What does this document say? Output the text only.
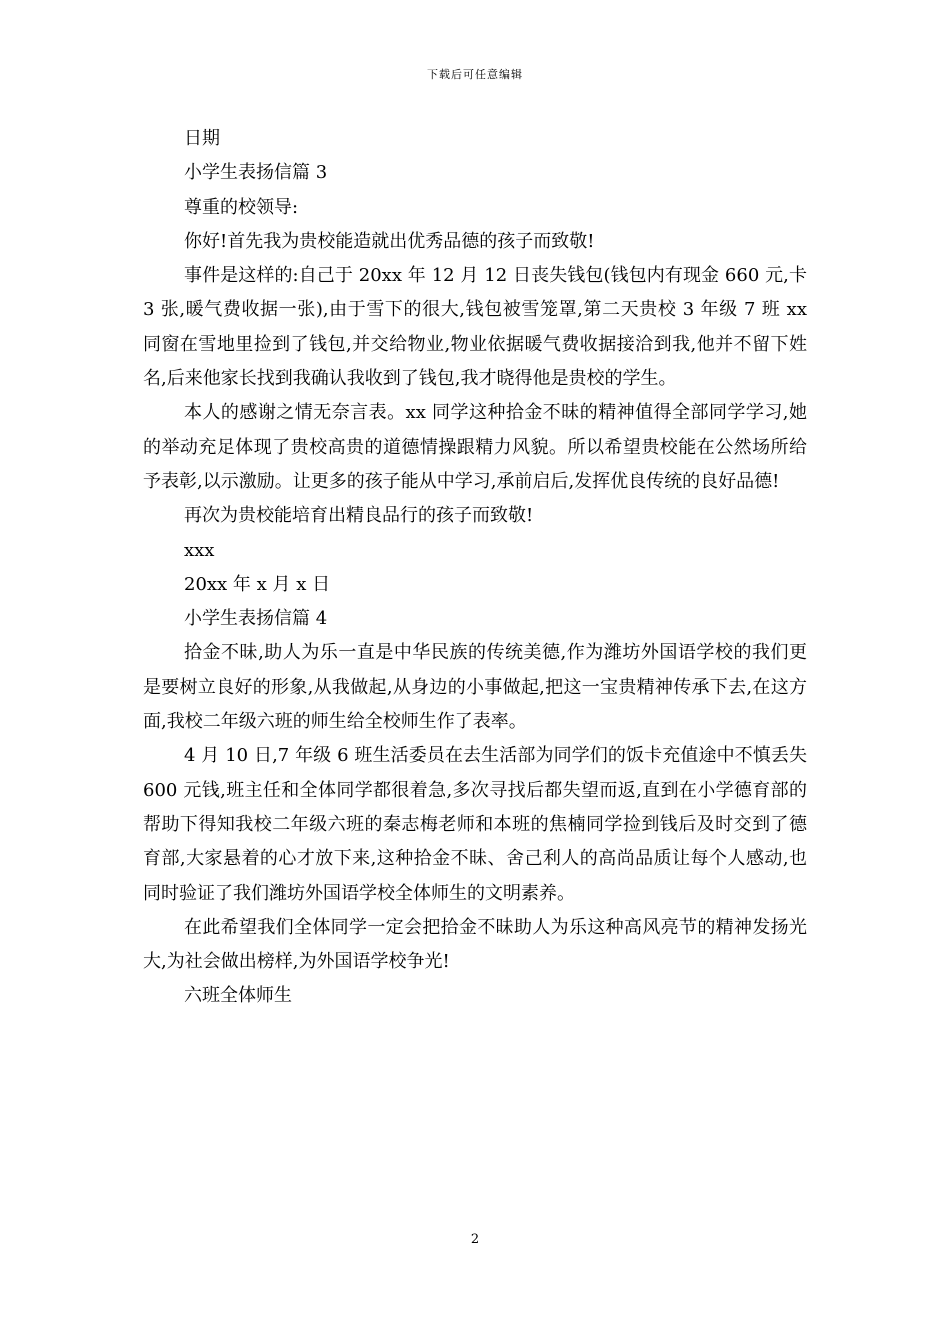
下载后可任意编辑

日期

小学生表扬信篇 3

尊重的校领导:

你好!首先我为贵校能造就出优秀品德的孩子而致敬!

事件是这样的:自己于 20xx 年 12 月 12 日丧失钱包(钱包内有现金 660 元,卡 3 张,暖气费收据一张),由于雪下的很大,钱包被雪笼罩,第二天贵校 3 年级 7 班 xx 同窗在雪地里捡到了钱包,并交给物业,物业依据暖气费收据接洽到我,他并不留下姓名,后来他家长找到我确认我收到了钱包,我才晓得他是贵校的学生。

本人的感谢之情无奈言表。xx 同学这种拾金不昧的精神值得全部同学学习,她的举动充足体现了贵校高贵的道德情操跟精力风貌。所以希望贵校能在公然场所给予表彰,以示激励。让更多的孩子能从中学习,承前启后,发挥优良传统的良好品德!

再次为贵校能培育出精良品行的孩子而致敬!

xxx

20xx 年 x 月 x 日

小学生表扬信篇 4

拾金不昧,助人为乐一直是中华民族的传统美德,作为潍坊外国语学校的我们更是要树立良好的形象,从我做起,从身边的小事做起,把这一宝贵精神传承下去,在这方面,我校二年级六班的师生给全校师生作了表率。

4 月 10 日,7 年级 6 班生活委员在去生活部为同学们的饭卡充值途中不慎丢失 600 元钱,班主任和全体同学都很着急,多次寻找后都失望而返,直到在小学德育部的帮助下得知我校二年级六班的秦志梅老师和本班的焦楠同学捡到钱后及时交到了德育部,大家悬着的心才放下来,这种拾金不昧、舍己利人的高尚品质让每个人感动,也同时验证了我们潍坊外国语学校全体师生的文明素养。

在此希望我们全体同学一定会把拾金不昧助人为乐这种高风亮节的精神发扬光大,为社会做出榜样,为外国语学校争光!

六班全体师生

2
